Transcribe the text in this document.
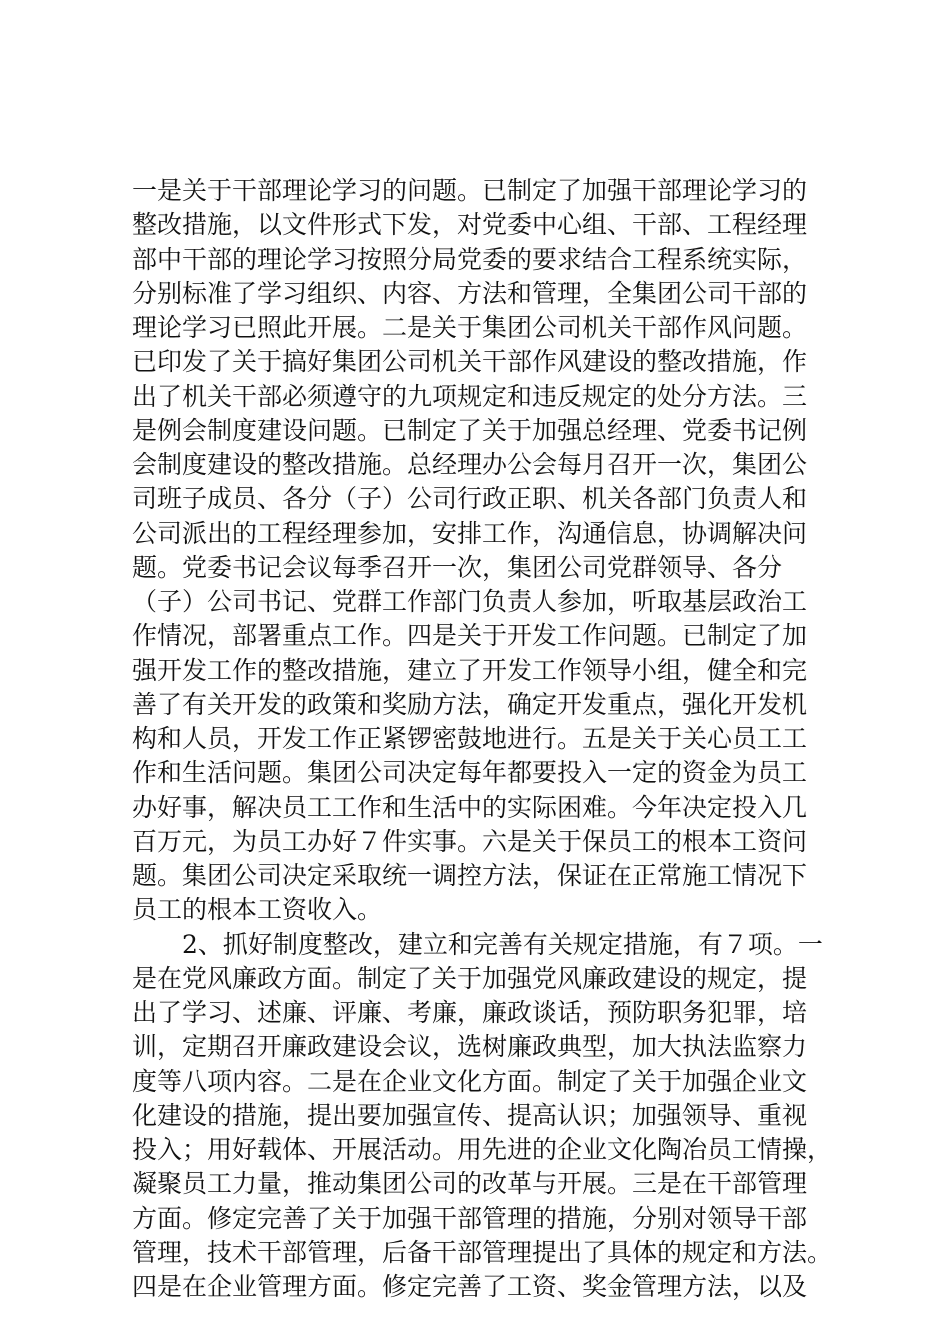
一是关于干部理论学习的问题。已制定了加强干部理论学习的
整改措施，以文件形式下发，对党委中心组、干部、工程经理
部中干部的理论学习按照分局党委的要求结合工程系统实际，
分别标准了学习组织、内容、方法和管理，全集团公司干部的
理论学习已照此开展。二是关于集团公司机关干部作风问题。
已印发了关于搞好集团公司机关干部作风建设的整改措施，作
出了机关干部必须遵守的九项规定和违反规定的处分方法。三
是例会制度建设问题。已制定了关于加强总经理、党委书记例
会制度建设的整改措施。总经理办公会每月召开一次，集团公
司班子成员、各分（子）公司行政正职、机关各部门负责人和
公司派出的工程经理参加，安排工作，沟通信息，协调解决问
题。党委书记会议每季召开一次，集团公司党群领导、各分
（子）公司书记、党群工作部门负责人参加，听取基层政治工
作情况，部署重点工作。四是关于开发工作问题。已制定了加
强开发工作的整改措施，建立了开发工作领导小组，健全和完
善了有关开发的政策和奖励方法，确定开发重点，强化开发机
构和人员，开发工作正紧锣密鼓地进行。五是关于关心员工工
作和生活问题。集团公司决定每年都要投入一定的资金为员工
办好事，解决员工工作和生活中的实际困难。今年决定投入几
百万元，为员工办好７件实事。六是关于保员工的根本工资问
题。集团公司决定采取统一调控方法，保证在正常施工情况下
员工的根本工资收入。
2、抓好制度整改，建立和完善有关规定措施，有７项。一
是在党风廉政方面。制定了关于加强党风廉政建设的规定，提
出了学习、述廉、评廉、考廉，廉政谈话，预防职务犯罪，培
训，定期召开廉政建设会议，选树廉政典型，加大执法监察力
度等八项内容。二是在企业文化方面。制定了关于加强企业文
化建设的措施，提出要加强宣传、提高认识；加强领导、重视
投入；用好载体、开展活动。用先进的企业文化陶冶员工情操，
凝聚员工力量，推动集团公司的改革与开展。三是在干部管理
方面。修定完善了关于加强干部管理的措施，分别对领导干部
管理，技术干部管理，后备干部管理提出了具体的规定和方法。
四是在企业管理方面。修定完善了工资、奖金管理方法，以及
